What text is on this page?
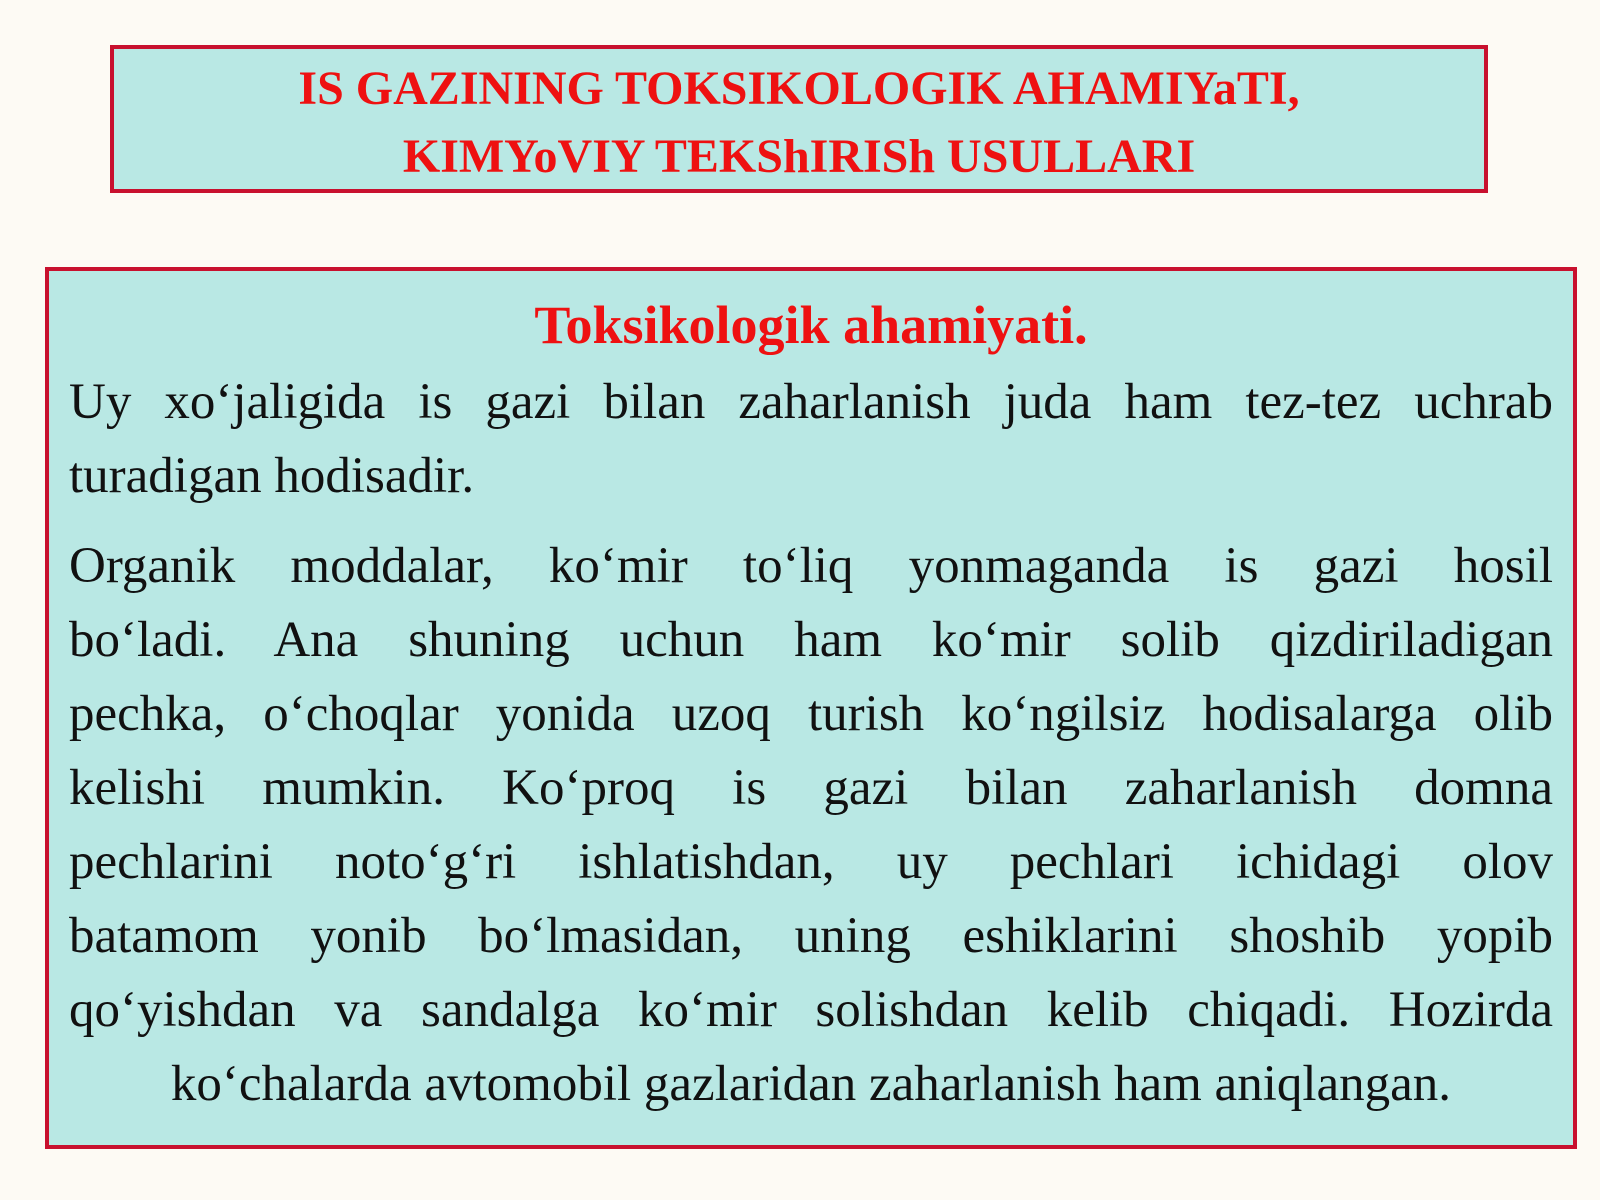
IS GAZINING TOKSIKOLOGIK AHAMIYaTI,
KIMYoVIY TEKShIRISh USULLARI
Toksikologik ahamiyati.
Uy xo‘jaligida is gazi bilan zaharlanish juda ham tez-tez uchrab
turadigan hodisadir.
Organik moddalar, ko‘mir to‘liq yonmaganda is gazi hosil
bo‘ladi. Ana shuning uchun ham ko‘mir solib qizdiriladigan
pechka, o‘choqlar yonida uzoq turish ko‘ngilsiz hodisalarga olib
kelishi mumkin. Ko‘proq is gazi bilan zaharlanish domna
pechlarini noto‘g‘ri ishlatishdan, uy pechlari ichidagi olov
batamom yonib bo‘lmasidan, uning eshiklarini shoshib yopib
qo‘yishdan va sandalga ko‘mir solishdan kelib chiqadi. Hozirda
ko‘chalarda avtomobil gazlaridan zaharlanish ham aniqlangan.
